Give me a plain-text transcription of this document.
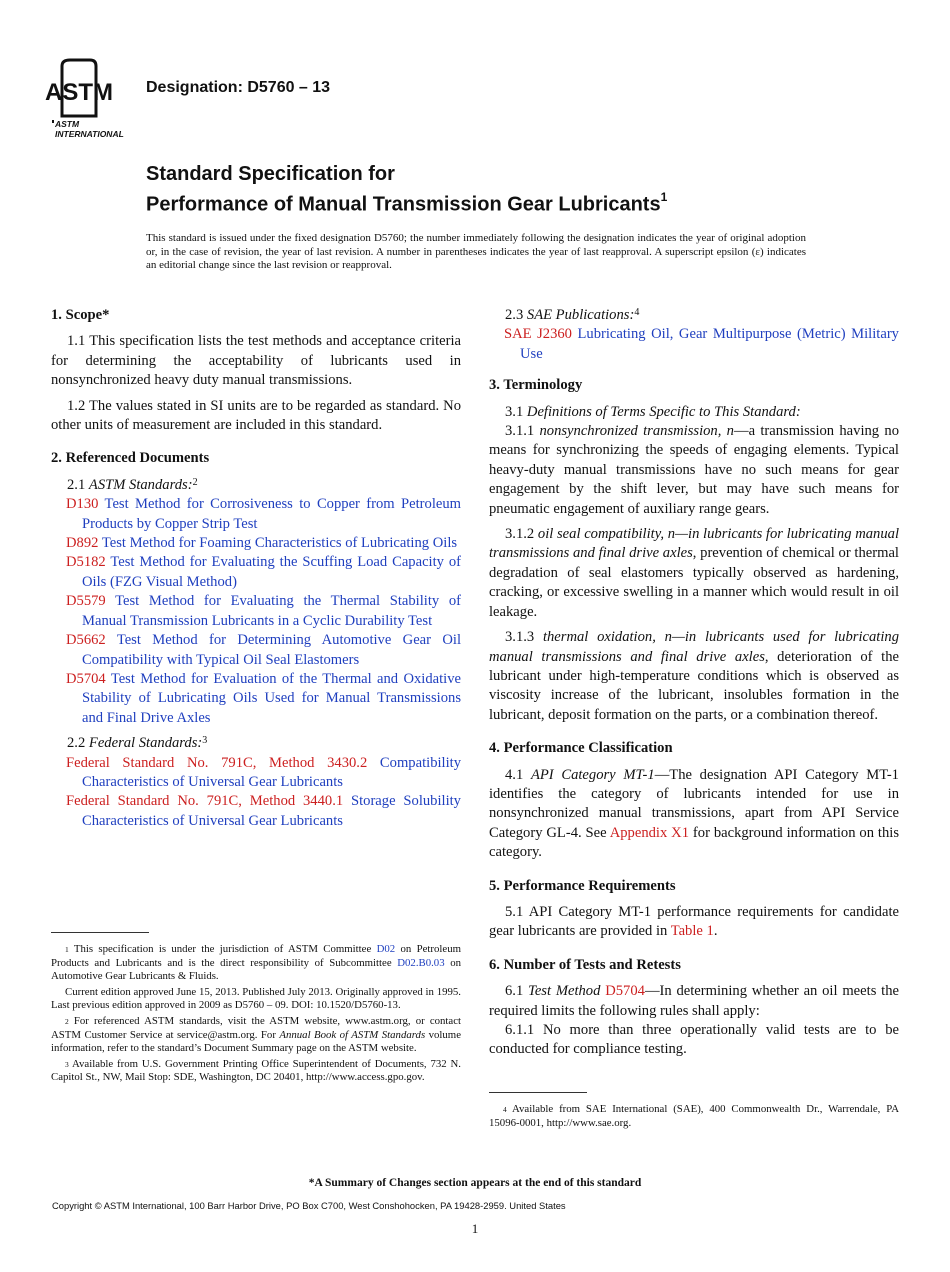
ASTM
ASTM INTERNATIONAL
Designation: D5760 – 13
Standard Specification for
Performance of Manual Transmission Gear Lubricants$^1$
This standard is issued under the fixed designation D5760; the number immediately following the designation indicates the year of original adoption or, in the case of revision, the year of last revision. A number in parentheses indicates the year of last reapproval. A superscript epsilon (ε) indicates an editorial change since the last revision or reapproval.
1. Scope*
1.1 This specification lists the test methods and acceptance criteria for determining the acceptability of lubricants used in nonsynchronized heavy duty manual transmissions.
1.2 The values stated in SI units are to be regarded as standard. No other units of measurement are included in this standard.
2. Referenced Documents
2.1 ASTM Standards:$^2$
D130 Test Method for Corrosiveness to Copper from Petroleum Products by Copper Strip Test
D892 Test Method for Foaming Characteristics of Lubricating Oils
D5182 Test Method for Evaluating the Scuffing Load Capacity of Oils (FZG Visual Method)
D5579 Test Method for Evaluating the Thermal Stability of Manual Transmission Lubricants in a Cyclic Durability Test
D5662 Test Method for Determining Automotive Gear Oil Compatibility with Typical Oil Seal Elastomers
D5704 Test Method for Evaluation of the Thermal and Oxidative Stability of Lubricating Oils Used for Manual Transmissions and Final Drive Axles
2.2 Federal Standards:$^3$
Federal Standard No. 791C, Method 3430.2 Compatibility Characteristics of Universal Gear Lubricants
Federal Standard No. 791C, Method 3440.1 Storage Solubility Characteristics of Universal Gear Lubricants
2.3 SAE Publications:$^4$
SAE J2360 Lubricating Oil, Gear Multipurpose (Metric) Military Use
3. Terminology
3.1 Definitions of Terms Specific to This Standard:
3.1.1 nonsynchronized transmission, n—a transmission having no means for synchronizing the speeds of engaging elements. Typical heavy-duty manual transmissions have no such means for gear engagement by the shift lever, but may have such means for pneumatic engagement of auxiliary range gears.
3.1.2 oil seal compatibility, n—in lubricants for lubricating manual transmissions and final drive axles, prevention of chemical or thermal degradation of seal elastomers typically observed as hardening, cracking, or excessive swelling in a manner which would result in oil leakage.
3.1.3 thermal oxidation, n—in lubricants used for lubricating manual transmissions and final drive axles, deterioration of the lubricant under high-temperature conditions which is observed as viscosity increase of the lubricant, insolubles formation in the lubricant, deposit formation on the parts, or a combination thereof.
4. Performance Classification
4.1 API Category MT-1—The designation API Category MT-1 identifies the category of lubricants intended for use in nonsynchronized manual transmissions, apart from API Service Category GL-4. See Appendix X1 for background information on this category.
5. Performance Requirements
5.1 API Category MT-1 performance requirements for candidate gear lubricants are provided in Table 1.
6. Number of Tests and Retests
6.1 Test Method D5704—In determining whether an oil meets the required limits the following rules shall apply:
6.1.1 No more than three operationally valid tests are to be conducted for compliance testing.

$^1$ This specification is under the jurisdiction of ASTM Committee D02 on Petroleum Products and Lubricants and is the direct responsibility of Subcommittee D02.B0.03 on Automotive Gear Lubricants & Fluids.

Current edition approved June 15, 2013. Published July 2013. Originally approved in 1995. Last previous edition approved in 2009 as D5760 – 09. DOI: 10.1520/D5760-13.

$^2$ For referenced ASTM standards, visit the ASTM website, www.astm.org, or contact ASTM Customer Service at service@astm.org. For Annual Book of ASTM Standards volume information, refer to the standard’s Document Summary page on the ASTM website.

$^3$ Available from U.S. Government Printing Office Superintendent of Documents, 732 N. Capitol St., NW, Mail Stop: SDE, Washington, DC 20401, http://www.access.gpo.gov.

$^4$ Available from SAE International (SAE), 400 Commonwealth Dr., Warrendale, PA 15096-0001, http://www.sae.org.

*A Summary of Changes section appears at the end of this standard
Copyright © ASTM International, 100 Barr Harbor Drive, PO Box C700, West Conshohocken, PA 19428-2959. United States
1
